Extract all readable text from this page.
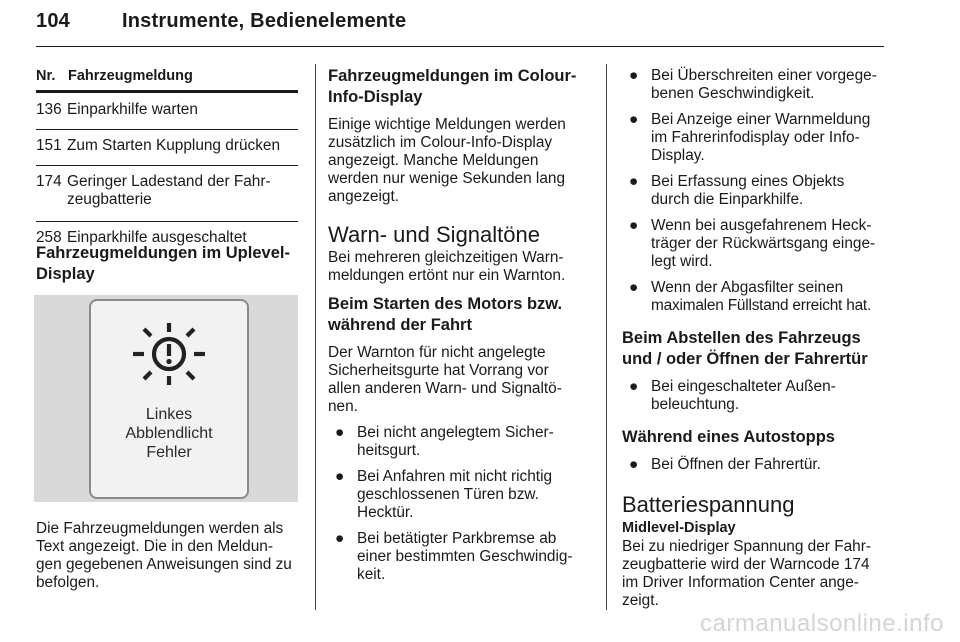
104	Instrumente, Bedienelemente
Nr. Fahrzeugmeldung
136 Einparkhilfe warten
151 Zum Starten Kupplung drücken
174 Geringer Ladestand der Fahr-
zeugbatterie
258 Einparkhilfe ausgeschaltet
Fahrzeugmeldungen im Uplevel-
Display
Linkes
Abblendlicht
Fehler
Die Fahrzeugmeldungen werden als
Text angezeigt. Die in den Meldun-
gen gegebenen Anweisungen sind zu
befolgen.
Fahrzeugmeldungen im Colour-
Info-Display
Einige wichtige Meldungen werden
zusätzlich im Colour-Info-Display
angezeigt. Manche Meldungen
werden nur wenige Sekunden lang
angezeigt.
Warn- und Signaltöne
Bei mehreren gleichzeitigen Warn-
meldungen ertönt nur ein Warnton.
Beim Starten des Motors bzw.
während der Fahrt
Der Warnton für nicht angelegte
Sicherheitsgurte hat Vorrang vor
allen anderen Warn- und Signaltö-
nen.
● Bei nicht angelegtem Sicher-
heitsgurt.
● Bei Anfahren mit nicht richtig
geschlossenen Türen bzw.
Hecktür.
● Bei betätigter Parkbremse ab
einer bestimmten Geschwindig-
keit.
● Bei Überschreiten einer vorgege-
benen Geschwindigkeit.
● Bei Anzeige einer Warnmeldung
im Fahrerinfodisplay oder Info-
Display.
● Bei Erfassung eines Objekts
durch die Einparkhilfe.
● Wenn bei ausgefahrenem Heck-
träger der Rückwärtsgang einge-
legt wird.
● Wenn der Abgasfilter seinen
maximalen Füllstand erreicht hat.
Beim Abstellen des Fahrzeugs
und / oder Öffnen der Fahrertür
● Bei eingeschalteter Außen-
beleuchtung.
Während eines Autostopps
● Bei Öffnen der Fahrertür.
Batteriespannung
Midlevel-Display
Bei zu niedriger Spannung der Fahr-
zeugbatterie wird der Warncode 174
im Driver Information Center ange-
zeigt.
carmanualsonline.info
